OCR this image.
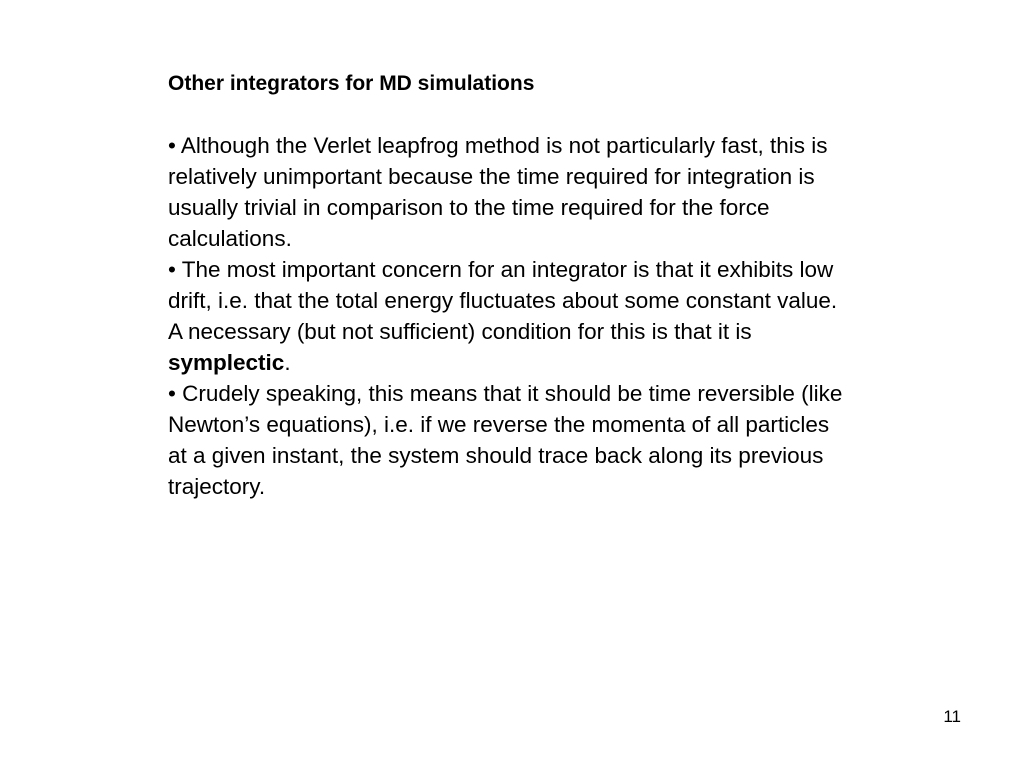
Other integrators for MD simulations

• Although the Verlet leapfrog method is not particularly fast, this is relatively unimportant because the time required for integration is usually trivial in comparison to the time required for the force calculations.

• The most important concern for an integrator is that it exhibits low drift, i.e. that the total energy fluctuates about some constant value. A necessary (but not sufficient) condition for this is that it is symplectic.

• Crudely speaking, this means that it should be time reversible (like Newton’s equations), i.e. if we reverse the momenta of all particles at a given instant, the system should trace back along its previous trajectory.

11
